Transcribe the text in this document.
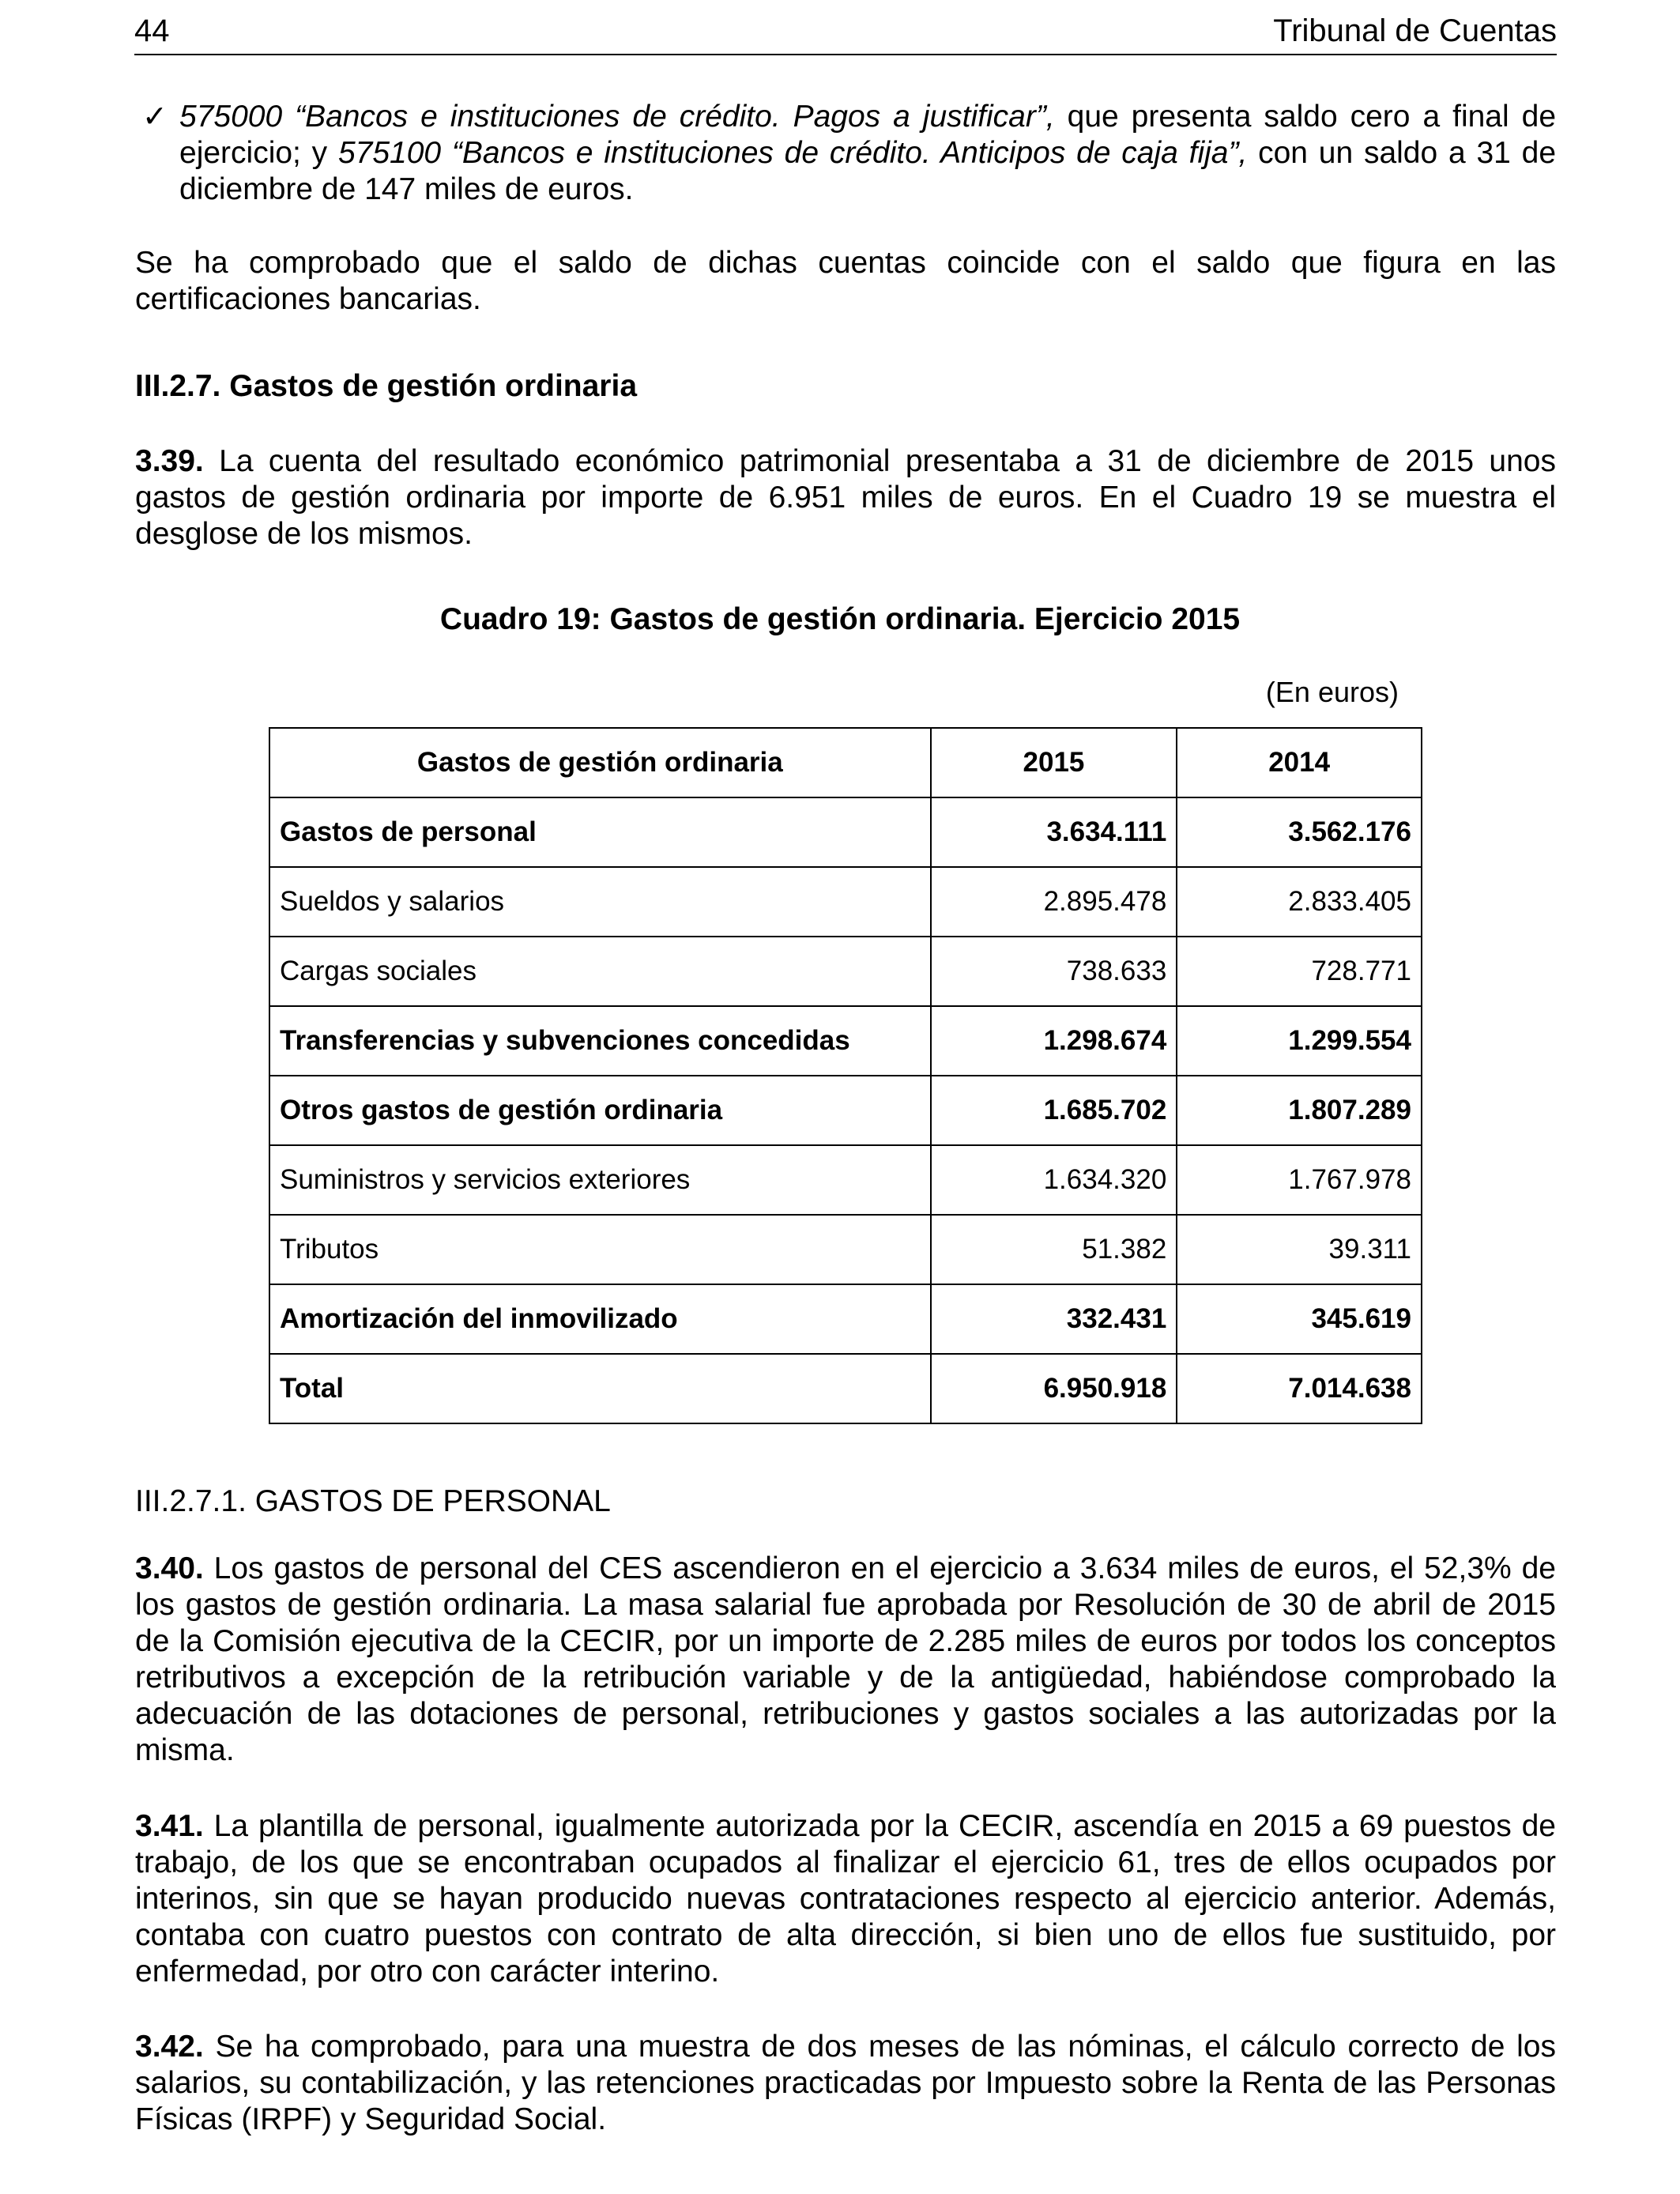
44	Tribunal de Cuentas
✓ 575000 “Bancos e instituciones de crédito. Pagos a justificar”, que presenta saldo cero a final de ejercicio; y 575100 “Bancos e instituciones de crédito. Anticipos de caja fija”, con un saldo a 31 de diciembre de 147 miles de euros.

Se ha comprobado que el saldo de dichas cuentas coincide con el saldo que figura en las certificaciones bancarias.

III.2.7. Gastos de gestión ordinaria

3.39. La cuenta del resultado económico patrimonial presentaba a 31 de diciembre de 2015 unos gastos de gestión ordinaria por importe de 6.951 miles de euros. En el Cuadro 19 se muestra el desglose de los mismos.

Cuadro 19: Gastos de gestión ordinaria. Ejercicio 2015
(En euros)
Gastos de gestión ordinaria	2015	2014
Gastos de personal	3.634.111	3.562.176
Sueldos y salarios	2.895.478	2.833.405
Cargas sociales	738.633	728.771
Transferencias y subvenciones concedidas	1.298.674	1.299.554
Otros gastos de gestión ordinaria	1.685.702	1.807.289
Suministros y servicios exteriores	1.634.320	1.767.978
Tributos	51.382	39.311
Amortización del inmovilizado	332.431	345.619
Total	6.950.918	7.014.638
III.2.7.1. GASTOS DE PERSONAL

3.40. Los gastos de personal del CES ascendieron en el ejercicio a 3.634 miles de euros, el 52,3% de los gastos de gestión ordinaria. La masa salarial fue aprobada por Resolución de 30 de abril de 2015 de la Comisión ejecutiva de la CECIR, por un importe de 2.285 miles de euros por todos los conceptos retributivos a excepción de la retribución variable y de la antigüedad, habiéndose comprobado la adecuación de las dotaciones de personal, retribuciones y gastos sociales a las autorizadas por la misma.

3.41. La plantilla de personal, igualmente autorizada por la CECIR, ascendía en 2015 a 69 puestos de trabajo, de los que se encontraban ocupados al finalizar el ejercicio 61, tres de ellos ocupados por interinos, sin que se hayan producido nuevas contrataciones respecto al ejercicio anterior. Además, contaba con cuatro puestos con contrato de alta dirección, si bien uno de ellos fue sustituido, por enfermedad, por otro con carácter interino.

3.42. Se ha comprobado, para una muestra de dos meses de las nóminas, el cálculo correcto de los salarios, su contabilización, y las retenciones practicadas por Impuesto sobre la Renta de las Personas Físicas (IRPF) y Seguridad Social.
